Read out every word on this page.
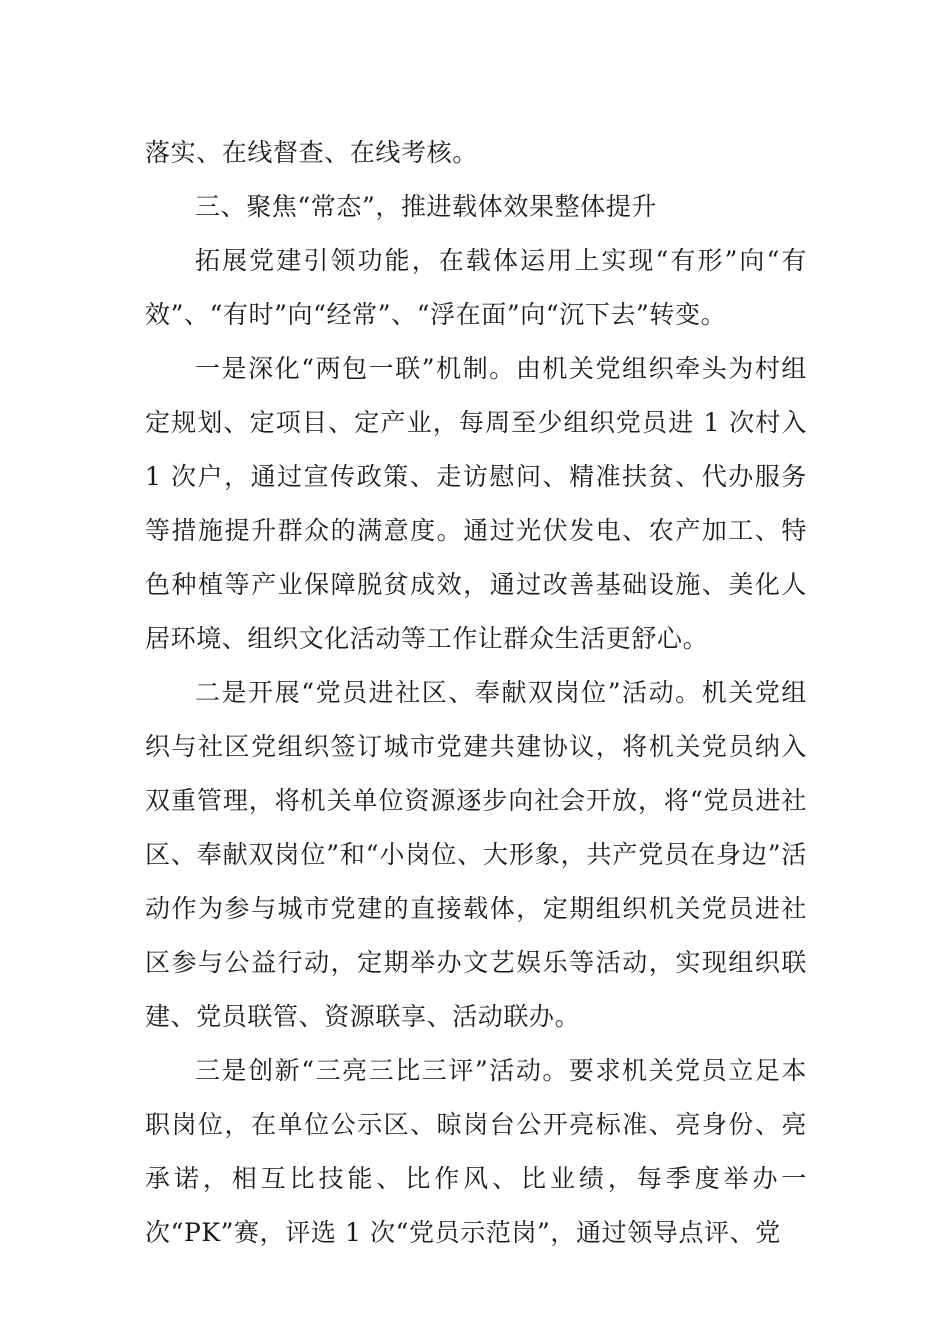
落实、在线督查、在线考核。

三、聚焦“常态”，推进载体效果整体提升

拓展党建引领功能，在载体运用上实现“有形”向“有效”、“有时”向“经常”、“浮在面”向“沉下去”转变。

一是深化“两包一联”机制。由机关党组织牵头为村组定规划、定项目、定产业，每周至少组织党员进 1 次村入 1 次户，通过宣传政策、走访慰问、精准扶贫、代办服务等措施提升群众的满意度。通过光伏发电、农产加工、特色种植等产业保障脱贫成效，通过改善基础设施、美化人居环境、组织文化活动等工作让群众生活更舒心。

二是开展“党员进社区、奉献双岗位”活动。机关党组织与社区党组织签订城市党建共建协议，将机关党员纳入双重管理，将机关单位资源逐步向社会开放，将“党员进社区、奉献双岗位”和“小岗位、大形象，共产党员在身边”活动作为参与城市党建的直接载体，定期组织机关党员进社区参与公益行动，定期举办文艺娱乐等活动，实现组织联建、党员联管、资源联享、活动联办。

三是创新“三亮三比三评”活动。要求机关党员立足本职岗位，在单位公示区、晾岗台公开亮标准、亮身份、亮承诺，相互比技能、比作风、比业绩，每季度举办一次“PK”赛，评选 1 次“党员示范岗”，通过领导点评、党
